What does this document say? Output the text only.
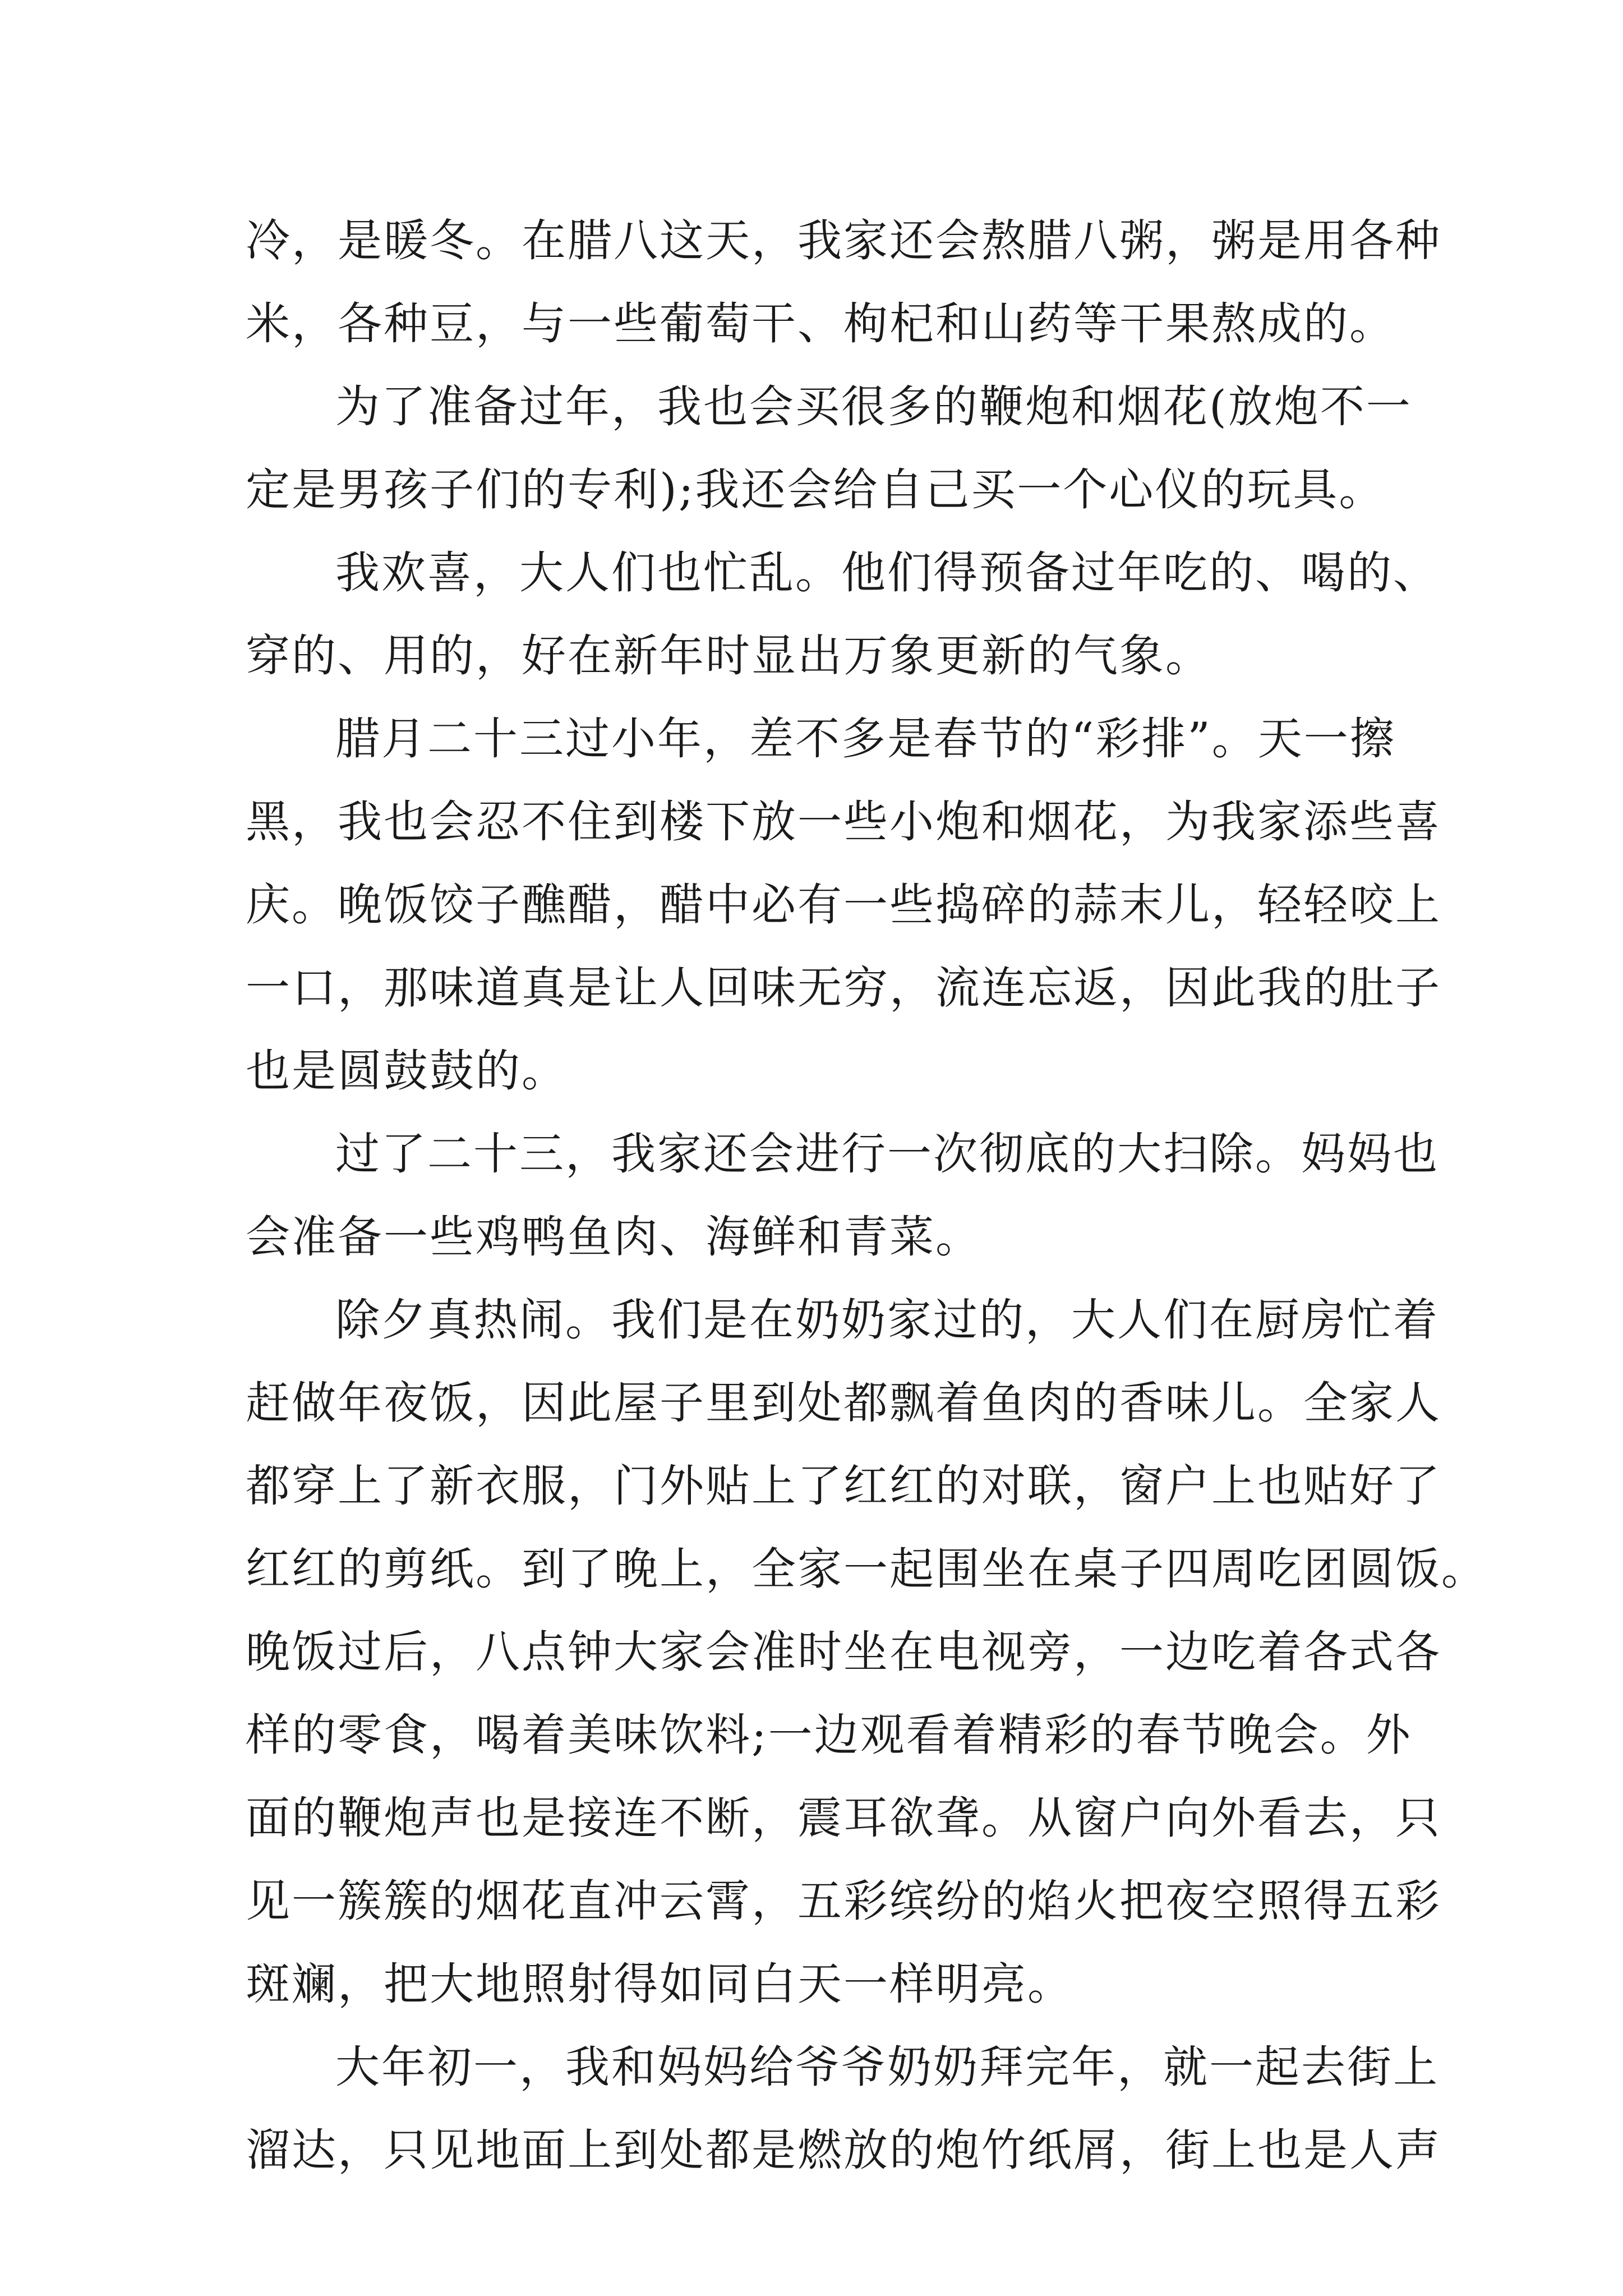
冷，是暖冬。在腊八这天，我家还会熬腊八粥，粥是用各种
米，各种豆，与一些葡萄干、枸杞和山药等干果熬成的。
为了准备过年，我也会买很多的鞭炮和烟花(放炮不一
定是男孩子们的专利);我还会给自己买一个心仪的玩具。
我欢喜，大人们也忙乱。他们得预备过年吃的、喝的、
穿的、用的，好在新年时显出万象更新的气象。
腊月二十三过小年，差不多是春节的“彩排”。天一擦
黑，我也会忍不住到楼下放一些小炮和烟花，为我家添些喜
庆。晚饭饺子醮醋，醋中必有一些捣碎的蒜末儿，轻轻咬上
一口，那味道真是让人回味无穷，流连忘返，因此我的肚子
也是圆鼓鼓的。
过了二十三，我家还会进行一次彻底的大扫除。妈妈也
会准备一些鸡鸭鱼肉、海鲜和青菜。
除夕真热闹。我们是在奶奶家过的，大人们在厨房忙着
赶做年夜饭，因此屋子里到处都飘着鱼肉的香味儿。全家人
都穿上了新衣服，门外贴上了红红的对联，窗户上也贴好了
红红的剪纸。到了晚上，全家一起围坐在桌子四周吃团圆饭。
晚饭过后，八点钟大家会准时坐在电视旁，一边吃着各式各
样的零食，喝着美味饮料;一边观看着精彩的春节晚会。外
面的鞭炮声也是接连不断，震耳欲聋。从窗户向外看去，只
见一簇簇的烟花直冲云霄，五彩缤纷的焰火把夜空照得五彩
斑斓，把大地照射得如同白天一样明亮。
大年初一，我和妈妈给爷爷奶奶拜完年，就一起去街上
溜达，只见地面上到处都是燃放的炮竹纸屑，街上也是人声
